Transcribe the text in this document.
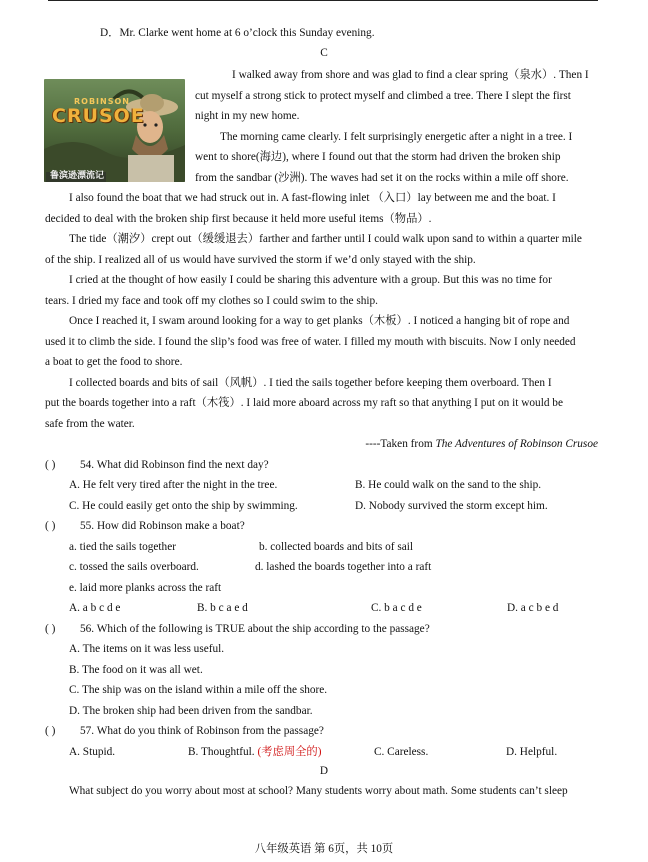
D．Mr. Clarke went home at 6 o’clock this Sunday evening.
C
ROBINSON
CRUSOE
鲁滨逊漂流记
I walked away from shore and was glad to find a clear spring（泉水）. Then I
cut myself a strong stick to protect myself and climbed a tree. There I slept the first
night in my new home.
The morning came clearly. I felt surprisingly energetic after a night in a tree. I
went to shore(海边), where I found out that the storm had driven the broken ship
from the sandbar (沙洲). The waves had set it on the rocks within a mile off shore.
I also found the boat that we had struck out in. A fast-flowing inlet （入口）lay between me and the boat. I
decided to deal with the broken ship first because it held more useful items（物品）.
The tide（潮汐）crept out（缓缓退去）farther and farther until I could walk upon sand to within a quarter mile
of the ship. I realized all of us would have survived the storm if we’d only stayed with the ship.
I cried at the thought of how easily I could be sharing this adventure with a group. But this was no time for
tears. I dried my face and took off my clothes so I could swim to the ship.
Once I reached it, I swam around looking for a way to get planks（木板）. I noticed a hanging bit of rope and
used it to climb the side. I found the slip’s food was free of water. I filled my mouth with biscuits. Now I only needed
a boat to get the food to shore.
I collected boards and bits of sail（风帆）. I tied the sails together before keeping them overboard. Then I
put the boards together into a raft（木筏）. I laid more aboard across my raft so that anything I put on it would be
safe from the water.
----Taken from The Adventures of Robinson Crusoe
( ) 54. What did Robinson find the next day?
A. He felt very tired after the night in the tree.	B. He could walk on the sand to the ship.
C. He could easily get onto the ship by swimming.	D. Nobody survived the storm except him.
( ) 55. How did Robinson make a boat?
a. tied the sails together	b. collected boards and bits of sail
c. tossed the sails overboard.	d. lashed the boards together into a raft
e. laid more planks across the raft
A. a b c d e	B. b c a e d	C. b a c d e	D. a c b e d
( ) 56. Which of the following is TRUE about the ship according to the passage?
A. The items on it was less useful.
B. The food on it was all wet.
C. The ship was on the island within a mile off the shore.
D. The broken ship had been driven from the sandbar.
( ) 57. What do you think of Robinson from the passage?
A. Stupid.	B. Thoughtful. (考虑周全的)	C. Careless.	D. Helpful.
D
What subject do you worry about most at school? Many students worry about math. Some students can’t sleep
八年级英语 第 6页，共 10页
